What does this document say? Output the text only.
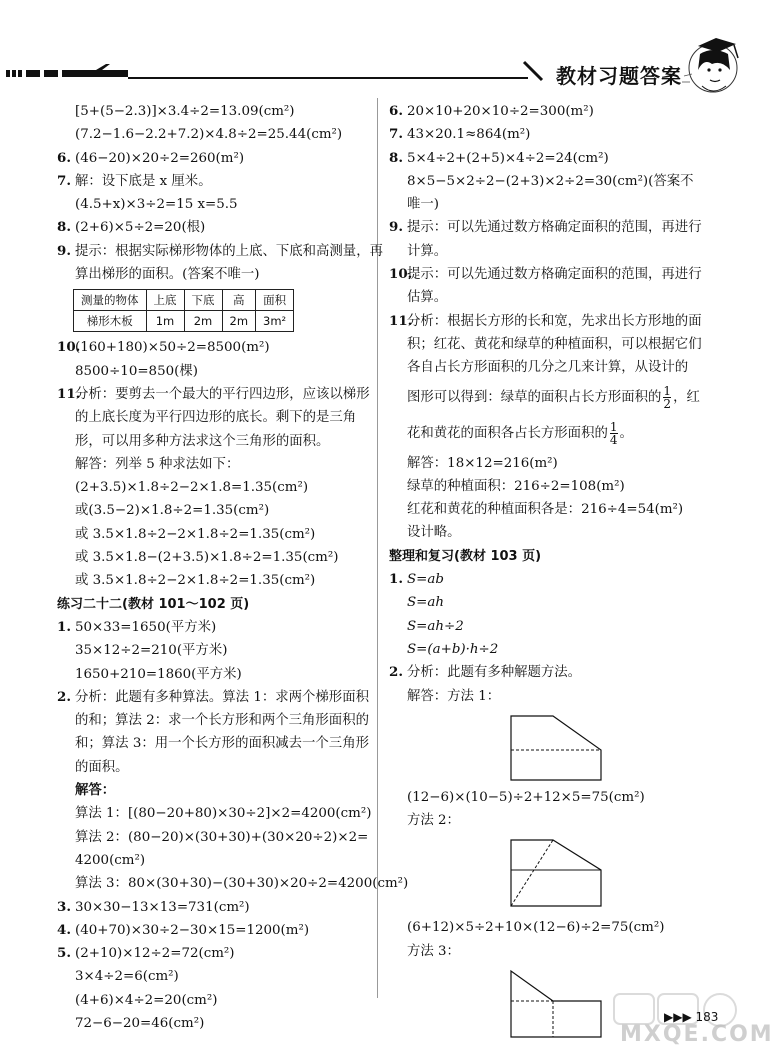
教材习题答案
[5+(5−2.3)]×3.4÷2=13.09(cm²)
(7.2−1.6−2.2+7.2)×4.8÷2=25.44(cm²)
6. (46−20)×20÷2=260(m²)
7. 解：设下底是 x 厘米。
(4.5+x)×3÷2=15 x=5.5
8. (2+6)×5÷2=20(根)
9. 提示：根据实际梯形物体的上底、下底和高测量，再
算出梯形的面积。(答案不唯一)
测量的物体	上底	下底	高	面积
梯形木板	1m	2m	2m	3m²
10.
(160+180)×50÷2=8500(m²)
8500÷10=850(棵)
11.
分析：要剪去一个最大的平行四边形，应该以梯形
的上底长度为平行四边形的底长。剩下的是三角
形，可以用多种方法求这个三角形的面积。
解答：列举 5 种求法如下：
(2+3.5)×1.8÷2−2×1.8=1.35(cm²)
或(3.5−2)×1.8÷2=1.35(cm²)
或 3.5×1.8÷2−2×1.8÷2=1.35(cm²)
或 3.5×1.8−(2+3.5)×1.8÷2=1.35(cm²)
或 3.5×1.8÷2−2×1.8÷2=1.35(cm²)
练习二十二(教材 101～102 页)
1. 50×33=1650(平方米)
35×12÷2=210(平方米)
1650+210=1860(平方米)
2. 分析：此题有多种算法。算法 1：求两个梯形面积
的和；算法 2：求一个长方形和两个三角形面积的
和；算法 3：用一个长方形的面积减去一个三角形
的面积。
解答：
算法 1：[(80−20+80)×30÷2]×2=4200(cm²)
算法 2：(80−20)×(30+30)+(30×20÷2)×2=
4200(cm²)
算法 3：80×(30+30)−(30+30)×20÷2=4200(cm²)
3. 30×30−13×13=731(cm²)
4. (40+70)×30÷2−30×15=1200(m²)
5. (2+10)×12÷2=72(cm²)
3×4÷2=6(cm²)
(4+6)×4÷2=20(cm²)
72−6−20=46(cm²)
6. 20×10+20×10÷2=300(m²)
7. 43×20.1≈864(m²)
8. 5×4÷2+(2+5)×4÷2=24(cm²)
8×5−5×2÷2−(2+3)×2÷2=30(cm²)(答案不
唯一)
9. 提示：可以先通过数方格确定面积的范围，再进行
计算。
10.
提示：可以先通过数方格确定面积的范围，再进行
估算。
11.
分析：根据长方形的长和宽，先求出长方形地的面
积；红花、黄花和绿草的种植面积，可以根据它们
各自占长方形面积的几分之几来计算，从设计的
图形可以得到：绿草的面积占长方形面积的 $\frac{1}{2}$ ，红
花和黄花的面积各占长方形面积的 $\frac{1}{4}$ 。
解答：18×12=216(m²)
绿草的种植面积：216÷2=108(m²)
红花和黄花的种植面积各是：216÷4=54(m²)
设计略。
整理和复习(教材 103 页)
1. S=ab
S=ah
S=ah÷2
S=(a+b)·h÷2
2. 分析：此题有多种解题方法。
解答：方法 1：
(12−6)×(10−5)÷2+12×5=75(cm²)
方法 2：
(6+12)×5÷2+10×(12−6)÷2=75(cm²)
方法 3：
MXQE.COM
▶▶▶ 183
